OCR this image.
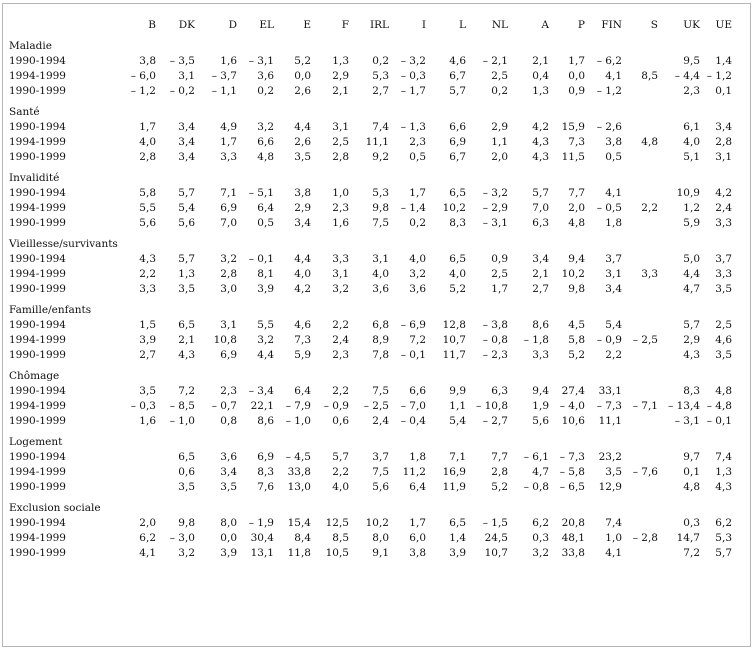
	B	DK	D	EL	E	F	IRL	I	L	NL	A	P	FIN	S	UK	UE

Maladie																
1990-1994	3,8	– 3,5	1,6	– 3,1	5,2	1,3	0,2	– 3,2	4,6	– 2,1	2,1	1,7	– 6,2		9,5	1,4
1994-1999	– 6,0	3,1	– 3,7	3,6	0,0	2,9	5,3	– 0,3	6,7	2,5	0,4	0,0	4,1	8,5	– 4,4	– 1,2
1990-1999	– 1,2	– 0,2	– 1,1	0,2	2,6	2,1	2,7	– 1,7	5,7	0,2	1,3	0,9	– 1,2		2,3	0,1

Santé																
1990-1994	1,7	3,4	4,9	3,2	4,4	3,1	7,4	– 1,3	6,6	2,9	4,2	15,9	– 2,6		6,1	3,4
1994-1999	4,0	3,4	1,7	6,6	2,6	2,5	11,1	2,3	6,9	1,1	4,3	7,3	3,8	4,8	4,0	2,8
1990-1999	2,8	3,4	3,3	4,8	3,5	2,8	9,2	0,5	6,7	2,0	4,3	11,5	0,5		5,1	3,1

Invalidité																
1990-1994	5,8	5,7	7,1	– 5,1	3,8	1,0	5,3	1,7	6,5	– 3,2	5,7	7,7	4,1		10,9	4,2
1994-1999	5,5	5,4	6,9	6,4	2,9	2,3	9,8	– 1,4	10,2	– 2,9	7,0	2,0	– 0,5	2,2	1,2	2,4
1990-1999	5,6	5,6	7,0	0,5	3,4	1,6	7,5	0,2	8,3	– 3,1	6,3	4,8	1,8		5,9	3,3

Vieillesse/survivants																
1990-1994	4,3	5,7	3,2	– 0,1	4,4	3,3	3,1	4,0	6,5	0,9	3,4	9,4	3,7		5,0	3,7
1994-1999	2,2	1,3	2,8	8,1	4,0	3,1	4,0	3,2	4,0	2,5	2,1	10,2	3,1	3,3	4,4	3,3
1990-1999	3,3	3,5	3,0	3,9	4,2	3,2	3,6	3,6	5,2	1,7	2,7	9,8	3,4		4,7	3,5

Famille/enfants																
1990-1994	1,5	6,5	3,1	5,5	4,6	2,2	6,8	– 6,9	12,8	– 3,8	8,6	4,5	5,4		5,7	2,5
1994-1999	3,9	2,1	10,8	3,2	7,3	2,4	8,9	7,2	10,7	– 0,8	– 1,8	5,8	– 0,9	– 2,5	2,9	4,6
1990-1999	2,7	4,3	6,9	4,4	5,9	2,3	7,8	– 0,1	11,7	– 2,3	3,3	5,2	2,2		4,3	3,5

Chômage																
1990-1994	3,5	7,2	2,3	– 3,4	6,4	2,2	7,5	6,6	9,9	6,3	9,4	27,4	33,1		8,3	4,8
1994-1999	– 0,3	– 8,5	– 0,7	22,1	– 7,9	– 0,9	– 2,5	– 7,0	1,1	– 10,8	1,9	– 4,0	– 7,3	– 7,1	– 13,4	– 4,8
1990-1999	1,6	– 1,0	0,8	8,6	– 1,0	0,6	2,4	– 0,4	5,4	– 2,7	5,6	10,6	11,1		– 3,1	– 0,1

Logement																
1990-1994		6,5	3,6	6,9	– 4,5	5,7	3,7	1,8	7,1	7,7	– 6,1	– 7,3	23,2		9,7	7,4
1994-1999		0,6	3,4	8,3	33,8	2,2	7,5	11,2	16,9	2,8	4,7	– 5,8	3,5	– 7,6	0,1	1,3
1990-1999		3,5	3,5	7,6	13,0	4,0	5,6	6,4	11,9	5,2	– 0,8	– 6,5	12,9		4,8	4,3

Exclusion sociale																
1990-1994	2,0	9,8	8,0	– 1,9	15,4	12,5	10,2	1,7	6,5	– 1,5	6,2	20,8	7,4		0,3	6,2
1994-1999	6,2	– 3,0	0,0	30,4	8,4	8,5	8,0	6,0	1,4	24,5	0,3	48,1	1,0	– 2,8	14,7	5,3
1990-1999	4,1	3,2	3,9	13,1	11,8	10,5	9,1	3,8	3,9	10,7	3,2	33,8	4,1		7,2	5,7
